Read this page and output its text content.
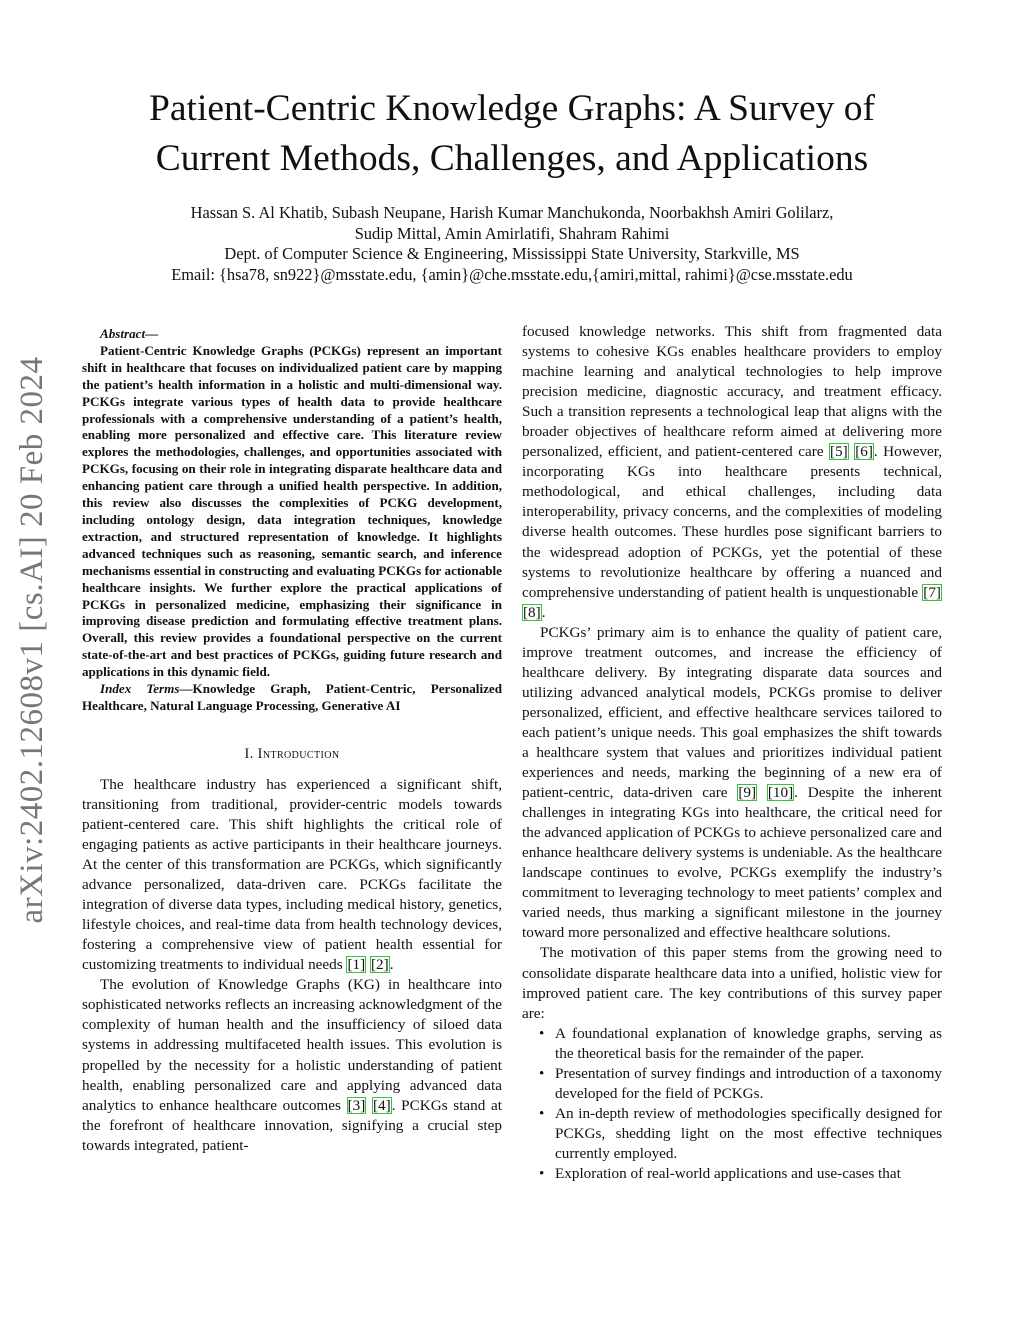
Patient-Centric Knowledge Graphs: A Survey of
Current Methods, Challenges, and Applications
Hassan S. Al Khatib, Subash Neupane, Harish Kumar Manchukonda, Noorbakhsh Amiri Golilarz,
Sudip Mittal, Amin Amirlatifi, Shahram Rahimi
Dept. of Computer Science & Engineering, Mississippi State University, Starkville, MS
Email: {hsa78, sn922}@msstate.edu, {amin}@che.msstate.edu,{amiri,mittal, rahimi}@cse.msstate.edu
arXiv:2402.12608v1 [cs.AI] 20 Feb 2024

Abstract—

Patient-Centric Knowledge Graphs (PCKGs) represent an important shift in healthcare that focuses on individualized patient care by mapping the patient’s health information in a holistic and multi-dimensional way. PCKGs integrate various types of health data to provide healthcare professionals with a comprehensive understanding of a patient’s health, enabling more personalized and effective care. This literature review explores the methodologies, challenges, and opportunities associated with PCKGs, focusing on their role in integrating disparate healthcare data and enhancing patient care through a unified health perspective. In addition, this review also discusses the complexities of PCKG development, including ontology design, data integration techniques, knowledge extraction, and structured representation of knowledge. It highlights advanced techniques such as reasoning, semantic search, and inference mechanisms essential in constructing and evaluating PCKGs for actionable healthcare insights. We further explore the practical applications of PCKGs in personalized medicine, emphasizing their significance in improving disease prediction and formulating effective treatment plans. Overall, this review provides a foundational perspective on the current state-of-the-art and best practices of PCKGs, guiding future research and applications in this dynamic field.

Index Terms—Knowledge Graph, Patient-Centric, Personalized Healthcare, Natural Language Processing, Generative AI

I. Introduction

The healthcare industry has experienced a significant shift, transitioning from traditional, provider-centric models towards patient-centered care. This shift highlights the critical role of engaging patients as active participants in their healthcare journeys. At the center of this transformation are PCKGs, which significantly advance personalized, data-driven care. PCKGs facilitate the integration of diverse data types, including medical history, genetics, lifestyle choices, and real-time data from health technology devices, fostering a comprehensive view of patient health essential for customizing treatments to individual needs [1] [2].

The evolution of Knowledge Graphs (KG) in healthcare into sophisticated networks reflects an increasing acknowledgment of the complexity of human health and the insufficiency of siloed data systems in addressing multifaceted health issues. This evolution is propelled by the necessity for a holistic understanding of patient health, enabling personalized care and applying advanced data analytics to enhance healthcare outcomes [3] [4]. PCKGs stand at the forefront of healthcare innovation, signifying a crucial step towards integrated, patient-

focused knowledge networks. This shift from fragmented data systems to cohesive KGs enables healthcare providers to employ machine learning and analytical technologies to help improve precision medicine, diagnostic accuracy, and treatment efficacy. Such a transition represents a technological leap that aligns with the broader objectives of healthcare reform aimed at delivering more personalized, efficient, and patient-centered care [5] [6]. However, incorporating KGs into healthcare presents technical, methodological, and ethical challenges, including data interoperability, privacy concerns, and the complexities of modeling diverse health outcomes. These hurdles pose significant barriers to the widespread adoption of PCKGs, yet the potential of these systems to revolutionize healthcare by offering a nuanced and comprehensive understanding of patient health is unquestionable [7] [8].

PCKGs’ primary aim is to enhance the quality of patient care, improve treatment outcomes, and increase the efficiency of healthcare delivery. By integrating disparate data sources and utilizing advanced analytical models, PCKGs promise to deliver personalized, efficient, and effective healthcare services tailored to each patient’s unique needs. This goal emphasizes the shift towards a healthcare system that values and prioritizes individual patient experiences and needs, marking the beginning of a new era of patient-centric, data-driven care [9] [10]. Despite the inherent challenges in integrating KGs into healthcare, the critical need for the advanced application of PCKGs to achieve personalized care and enhance healthcare delivery systems is undeniable. As the healthcare landscape continues to evolve, PCKGs exemplify the industry’s commitment to leveraging technology to meet patients’ complex and varied needs, thus marking a significant milestone in the journey toward more personalized and effective healthcare solutions.

The motivation of this paper stems from the growing need to consolidate disparate healthcare data into a unified, holistic view for improved patient care. The key contributions of this survey paper are:

• A foundational explanation of knowledge graphs, serving as the theoretical basis for the remainder of the paper.
• Presentation of survey findings and introduction of a taxonomy developed for the field of PCKGs.
• An in-depth review of methodologies specifically designed for PCKGs, shedding light on the most effective techniques currently employed.
• Exploration of real-world applications and use-cases that
